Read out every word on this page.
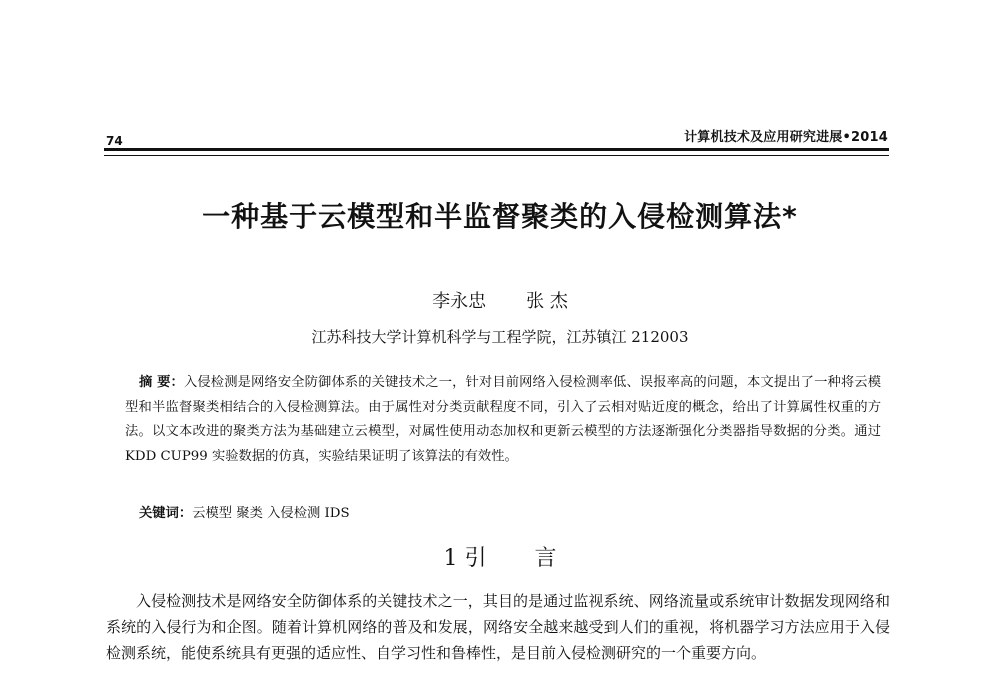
74	计算机技术及应用研究进展•2014
一种基于云模型和半监督聚类的入侵检测算法*
李永忠 张 杰
江苏科技大学计算机科学与工程学院，江苏镇江 212003
摘 要：入侵检测是网络安全防御体系的关键技术之一，针对目前网络入侵检测率低、误报率高的问题，本文提出了一种将云模型和半监督聚类相结合的入侵检测算法。由于属性对分类贡献程度不同，引入了云相对贴近度的概念，给出了计算属性权重的方法。以文本改进的聚类方法为基础建立云模型，对属性使用动态加权和更新云模型的方法逐渐强化分类器指导数据的分类。通过 KDD CUP99 实验数据的仿真，实验结果证明了该算法的有效性。
关键词：云模型 聚类 入侵检测 IDS
1 引 言
入侵检测技术是网络安全防御体系的关键技术之一，其目的是通过监视系统、网络流量或系统审计数据发现网络和系统的入侵行为和企图。随着计算机网络的普及和发展，网络安全越来越受到人们的重视，将机器学习方法应用于入侵检测系统，能使系统具有更强的适应性、自学习性和鲁棒性，是目前入侵检测研究的一个重要方向。
